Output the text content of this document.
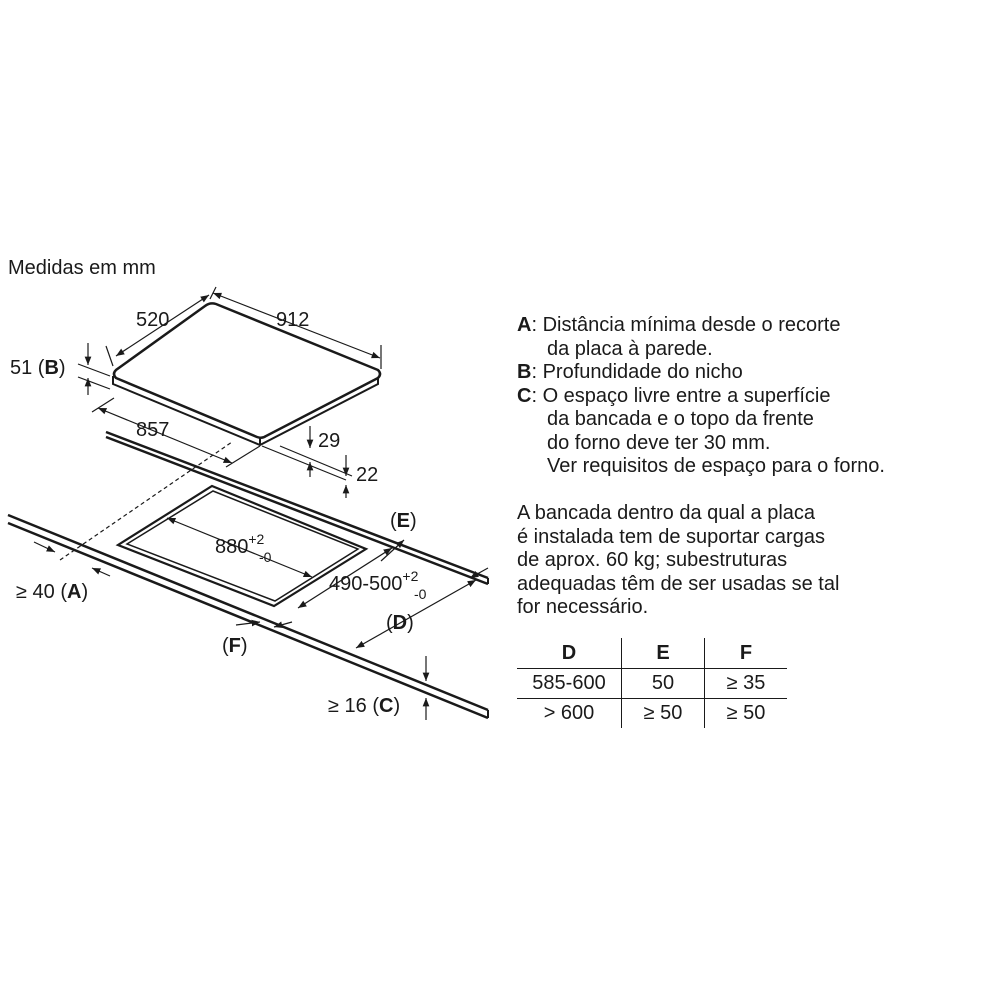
Medidas em mm
520	912
51 (B)
857	29
22
(E)
$880^{+2}$ -0
$490-500^{+2}$ -0
≥ 40 (A)
(D)
(F)
≥ 16 (C)
A: Distância mínima desde o recorte
da placa à parede.
B: Profundidade do nicho
C: O espaço livre entre a superfície
da bancada e o topo da frente
do forno deve ter 30 mm.
Ver requisitos de espaço para o forno.
A bancada dentro da qual a placa
é instalada tem de suportar cargas
de aprox. 60 kg; subestruturas
adequadas têm de ser usadas se tal
for necessário.
D	E	F
585-600	50	≥ 35
> 600	≥ 50	≥ 50
